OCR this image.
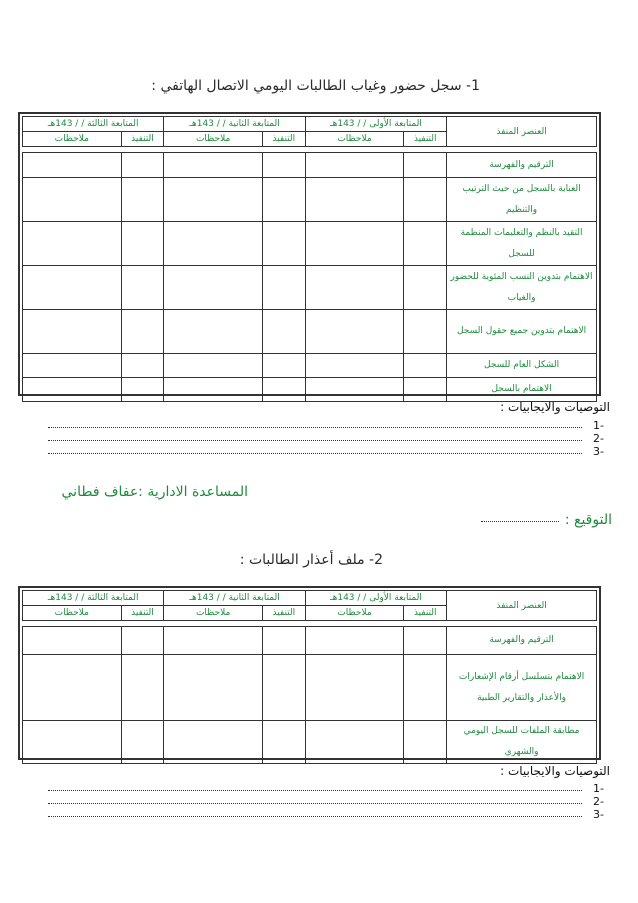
1- سجل حضور وغياب الطالبات اليومي الاتصال الهاتفي :
العنصر المنفذ	المتابعة الأولى / / 143هـ		المتابعة الثانية / / 143هـ		المتابعة الثالثة / / 143هـ	
	التنفيذ	ملاحظات	التنفيذ	ملاحظات	التنفيذ	ملاحظات

الترقيم والفهرسة						
العناية بالسجل من حيث الترتيب والتنظيم						
التقيد بالنظم والتعليمات المنظمة للسجل						
الاهتمام بتدوين النسب المئوية للحضور والغياب						
الاهتمام بتدوين جميع حقول السجل						
الشكل العام للسجل						
الاهتمام بالسجل						
التوصيات والايجابيات :
-1
-2
-3
المساعدة الادارية :عفاف فطاني
التوقيع :
2- ملف أعذار الطالبات :
العنصر المنفذ	المتابعة الأولى / / 143هـ		المتابعة الثانية / / 143هـ		المتابعة الثالثة / / 143هـ	
	التنفيذ	ملاحظات	التنفيذ	ملاحظات	التنفيذ	ملاحظات

الترقيم والفهرسة						
الاهتمام بتسلسل أرقام الإشعارات والأعذار والتقارير الطبية						
مطابقة الملفات للسجل اليومي والشهري						
التوصيات والايجابيات :
-1
-2
-3
